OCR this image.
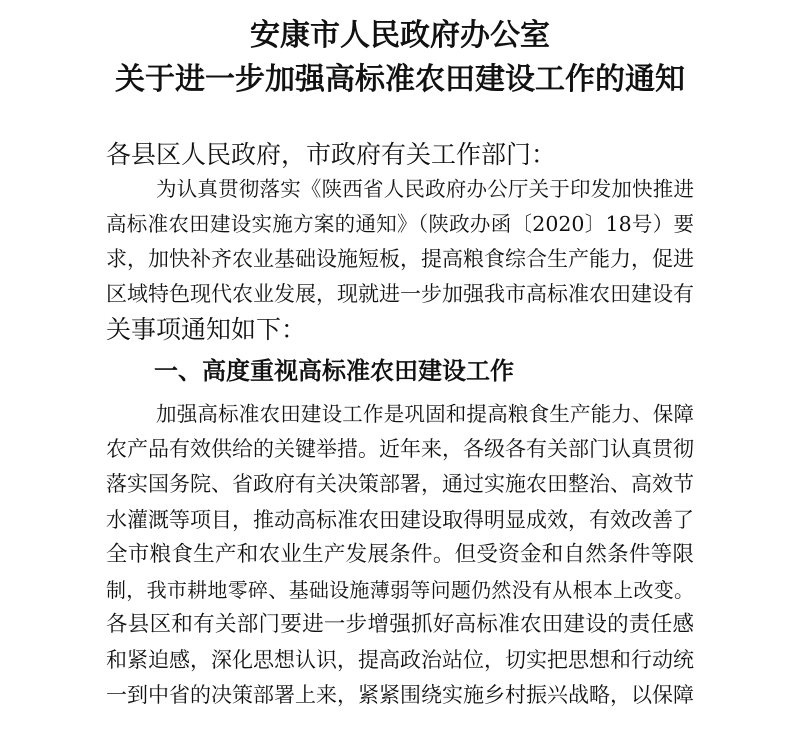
安康市人民政府办公室
关于进一步加强高标准农田建设工作的通知
各县区人民政府，市政府有关工作部门：
为认真贯彻落实《陕西省人民政府办公厅关于印发加快推进
高标准农田建设实施方案的通知》（陕政办函〔2020〕18号）要
求，加快补齐农业基础设施短板，提高粮食综合生产能力，促进
区域特色现代农业发展，现就进一步加强我市高标准农田建设有
关事项通知如下：
一、高度重视高标准农田建设工作
加强高标准农田建设工作是巩固和提高粮食生产能力、保障
农产品有效供给的关键举措。近年来，各级各有关部门认真贯彻
落实国务院、省政府有关决策部署，通过实施农田整治、高效节
水灌溉等项目，推动高标准农田建设取得明显成效，有效改善了
全市粮食生产和农业生产发展条件。但受资金和自然条件等限
制，我市耕地零碎、基础设施薄弱等问题仍然没有从根本上改变。
各县区和有关部门要进一步增强抓好高标准农田建设的责任感
和紧迫感，深化思想认识，提高政治站位，切实把思想和行动统
一到中省的决策部署上来，紧紧围绕实施乡村振兴战略，以保障
